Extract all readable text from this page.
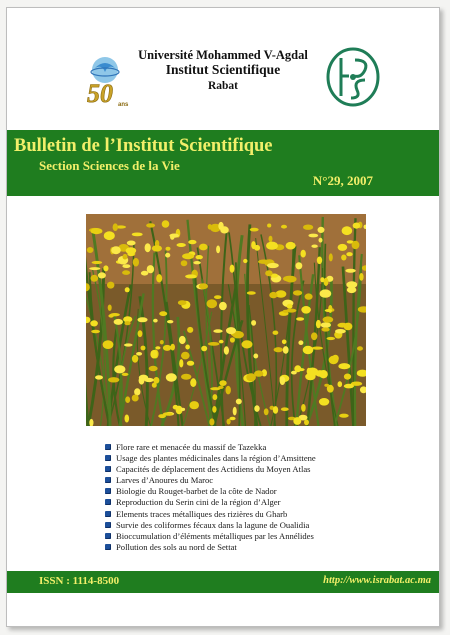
50 ans
Université Mohammed V-Agdal
Institut Scientifique
Rabat
Bulletin de l’Institut Scientifique
Section Sciences de la Vie
N°29, 2007
Flore rare et menacée du massif de Tazekka
Usage des plantes médicinales dans la région d’Amsittene
Capacités de déplacement des Actidiens du Moyen Atlas
Larves d’Anoures du Maroc
Biologie du Rouget-barbet de la côte de Nador
Reproduction du Serin cini de la région d’Alger
Elements traces métalliques des rizières du Gharb
Survie des coliformes fécaux dans la lagune de Oualidia
Bioccumulation d’éléments métalliques par les Annélides
Pollution des sols au nord de Settat
ISSN : 1114-8500	http://www.israbat.ac.ma
